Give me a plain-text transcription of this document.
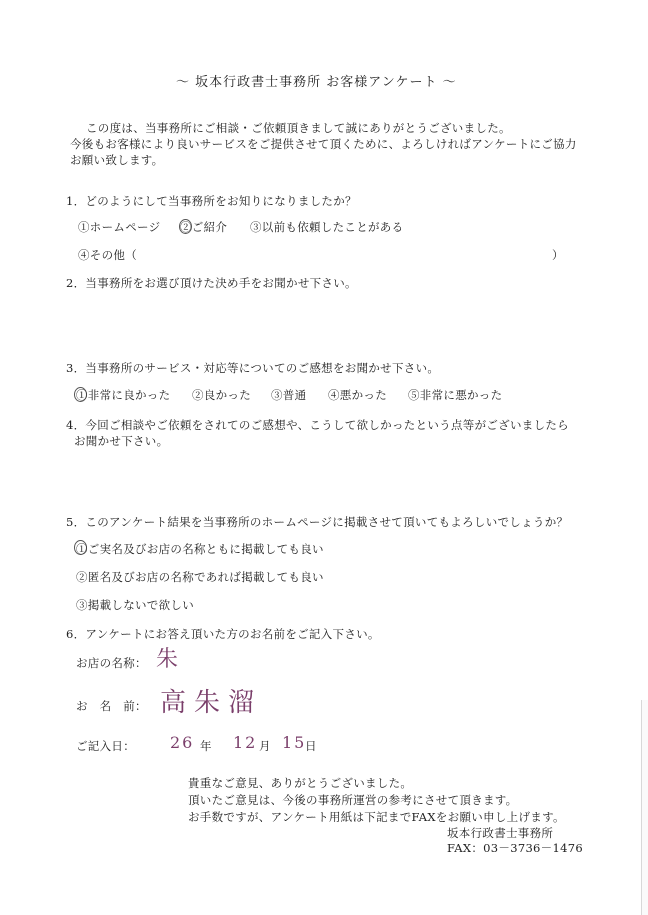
〜 坂本行政書士事務所 お客様アンケート 〜
この度は、当事務所にご相談・ご依頼頂きまして誠にありがとうございました。
今後もお客様により良いサービスをご提供させて頂くために、よろしければアンケートにご協力
お願い致します。
1．どのようにして当事務所をお知りになりましたか？
①ホームページ ②ご紹介 ③以前も依頼したことがある
④その他（	）
2．当事務所をお選び頂けた決め手をお聞かせ下さい。
3．当事務所のサービス・対応等についてのご感想をお聞かせ下さい。
①非常に良かった ②良かった ③普通 ④悪かった ⑤非常に悪かった
4．今回ご相談やご依頼をされてのご感想や、こうして欲しかったという点等がございましたら
お聞かせ下さい。
5．このアンケート結果を当事務所のホームページに掲載させて頂いてもよろしいでしょうか？
①ご実名及びお店の名称ともに掲載しても良い
②匿名及びお店の名称であれば掲載しても良い
③掲載しないで欲しい
6．アンケートにお答え頂いた方のお名前をご記入下さい。
お店の名称： 朱
お　名　前： 高朱溜
ご記入日： 26 年 12 月 15
日
貴重なご意見、ありがとうございました。
頂いたご意見は、今後の事務所運営の参考にさせて頂きます。
お手数ですが、アンケート用紙は下記までFAXをお願い申し上げます。
坂本行政書士事務所
FAX：03－3736－1476
